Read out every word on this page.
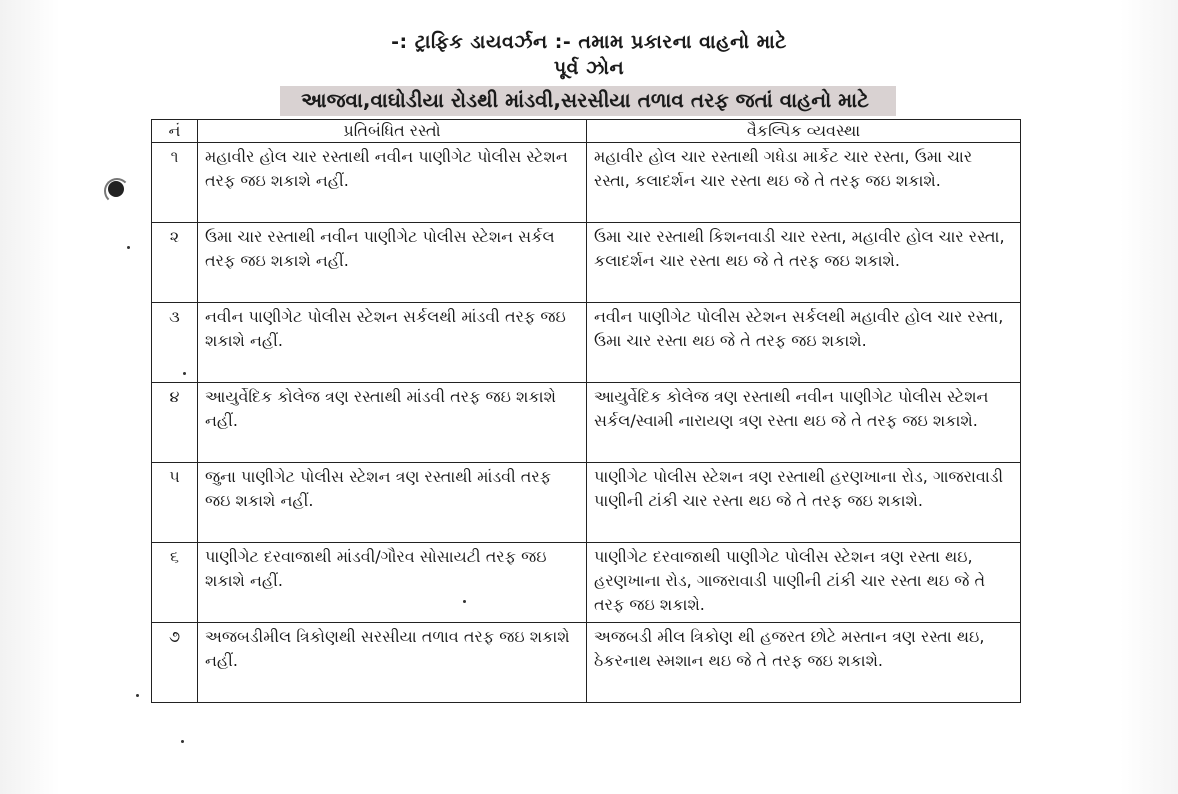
-: ટ્રાફિક ડાયવર્ઝન :- તમામ પ્રકારના વાહનો માટે
પૂર્વ ઝોન
આજવા,વાઘોડીયા રોડથી માંડવી,સરસીયા તળાવ તરફ જતાં વાહનો માટે
નં	પ્રતિબંધિત રસ્તો	વૈકલ્પિક વ્યવસ્થા
૧	મહાવીર હોલ ચાર રસ્તાથી નવીન પાણીગેટ પોલીસ સ્ટેશન તરફ જઇ શકાશે નહીં.	મહાવીર હોલ ચાર રસ્તાથી ગધેડા માર્કેટ ચાર રસ્તા, ઉમા ચાર રસ્તા, કલાદર્શન ચાર રસ્તા થઇ જે તે તરફ જઇ શકાશે.
૨	ઉમા ચાર રસ્તાથી નવીન પાણીગેટ પોલીસ સ્ટેશન સર્કલ તરફ જઇ શકાશે નહીં.	ઉમા ચાર રસ્તાથી કિશનવાડી ચાર રસ્તા, મહાવીર હોલ ચાર રસ્તા, કલાદર્શન ચાર રસ્તા થઇ જે તે તરફ જઇ શકાશે.
૩	નવીન પાણીગેટ પોલીસ સ્ટેશન સર્કલથી માંડવી તરફ જઇ શકાશે નહીં.	નવીન પાણીગેટ પોલીસ સ્ટેશન સર્કલથી મહાવીર હોલ ચાર રસ્તા, ઉમા ચાર રસ્તા થઇ જે તે તરફ જઇ શકાશે.
૪	આયુર્વેદિક કોલેજ ત્રણ રસ્તાથી માંડવી તરફ જઇ શકાશે નહીં.	આયુર્વેદિક કોલેજ ત્રણ રસ્તાથી નવીન પાણીગેટ પોલીસ સ્ટેશન સર્કલ/સ્વામી નારાયણ ત્રણ રસ્તા થઇ જે તે તરફ જઇ શકાશે.
૫	જુના પાણીગેટ પોલીસ સ્ટેશન ત્રણ રસ્તાથી માંડવી તરફ જઇ શકાશે નહીં.	પાણીગેટ પોલીસ સ્ટેશન ત્રણ રસ્તાથી હરણખાના રોડ, ગાજરાવાડી પાણીની ટાંકી ચાર રસ્તા થઇ જે તે તરફ જઇ શકાશે.
૬	પાણીગેટ દરવાજાથી માંડવી/ગૌરવ સોસાયટી તરફ જઇ શકાશે નહીં.	પાણીગેટ દરવાજાથી પાણીગેટ પોલીસ સ્ટેશન ત્રણ રસ્તા થઇ, હરણખાના રોડ, ગાજરાવાડી પાણીની ટાંકી ચાર રસ્તા થઇ જે તે તરફ જઇ શકાશે.
૭	અજબડીમીલ ત્રિકોણથી સરસીયા તળાવ તરફ જઇ શકાશે નહીં.	અજબડી મીલ ત્રિકોણ થી હજરત છોટે મસ્તાન ત્રણ રસ્તા થઇ, ઠેકરનાથ સ્મશાન થઇ જે તે તરફ જઇ શકાશે.
